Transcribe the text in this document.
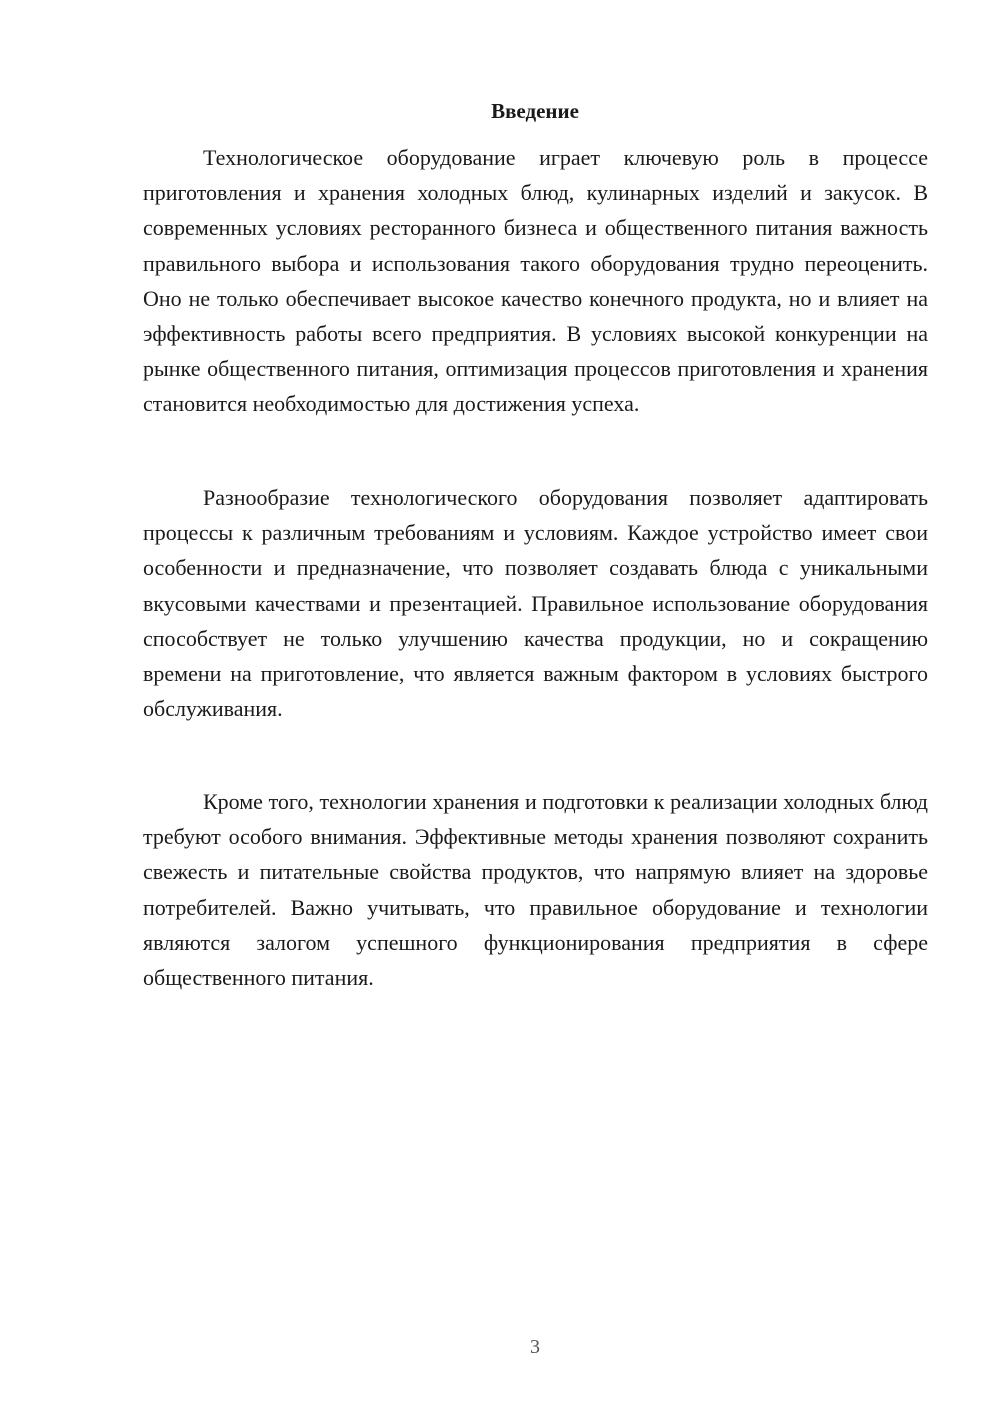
Введение

Технологическое оборудование играет ключевую роль в процессе приготовления и хранения холодных блюд, кулинарных изделий и закусок. В современных условиях ресторанного бизнеса и общественного питания важность правильного выбора и использования такого оборудования трудно переоценить. Оно не только обеспечивает высокое качество конечного продукта, но и влияет на эффективность работы всего предприятия. В условиях высокой конкуренции на рынке общественного питания, оптимизация процессов приготовления и хранения становится необходимостью для достижения успеха.

Разнообразие технологического оборудования позволяет адаптировать процессы к различным требованиям и условиям. Каждое устройство имеет свои особенности и предназначение, что позволяет создавать блюда с уникальными вкусовыми качествами и презентацией. Правильное использование оборудования способствует не только улучшению качества продукции, но и сокращению времени на приготовление, что является важным фактором в условиях быстрого обслуживания.

Кроме того, технологии хранения и подготовки к реализации холодных блюд требуют особого внимания. Эффективные методы хранения позволяют сохранить свежесть и питательные свойства продуктов, что напрямую влияет на здоровье потребителей. Важно учитывать, что правильное оборудование и технологии являются залогом успешного функционирования предприятия в сфере общественного питания.

3
